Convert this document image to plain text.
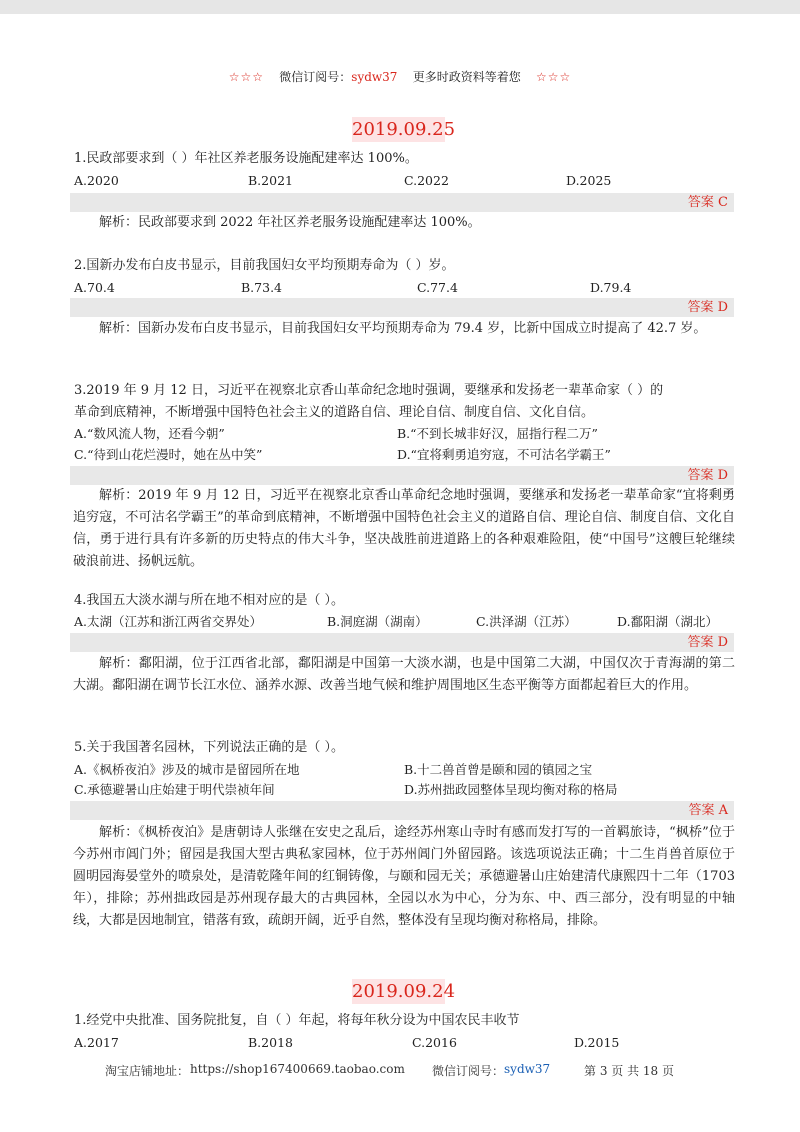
☆☆☆ 微信订阅号：sydw37 更多时政资料等着您 ☆☆☆
2019.09.25
1.民政部要求到（ ）年社区养老服务设施配建率达 100%。
A.2020	B.2021	C.2022	D.2025
答案 C

解析：民政部要求到 2022 年社区养老服务设施配建率达 100%。

2.国新办发布白皮书显示，目前我国妇女平均预期寿命为（ ）岁。
A.70.4	B.73.4	C.77.4	D.79.4
答案 D

解析：国新办发布白皮书显示，目前我国妇女平均预期寿命为 79.4 岁，比新中国成立时提高了 42.7 岁。

3.2019 年 9 月 12 日，习近平在视察北京香山革命纪念地时强调，要继承和发扬老一辈革命家（ ）的
革命到底精神，不断增强中国特色社会主义的道路自信、理论自信、制度自信、文化自信。
A.“数风流人物，还看今朝”	B.“不到长城非好汉，屈指行程二万”
C.“待到山花烂漫时，她在丛中笑”	D.“宜将剩勇追穷寇，不可沽名学霸王”
答案 D

解析：2019 年 9 月 12 日，习近平在视察北京香山革命纪念地时强调，要继承和发扬老一辈革命家“宜将剩勇追穷寇，不可沽名学霸王”的革命到底精神，不断增强中国特色社会主义的道路自信、理论自信、制度自信、文化自信，勇于进行具有许多新的历史特点的伟大斗争，坚决战胜前进道路上的各种艰难险阻，使“中国号”这艘巨轮继续破浪前进、扬帆远航。

4.我国五大淡水湖与所在地不相对应的是（ ）。
A.太湖（江苏和浙江两省交界处）	B.洞庭湖（湖南）	C.洪泽湖（江苏）	D.鄱阳湖（湖北）
答案 D

解析：鄱阳湖，位于江西省北部，鄱阳湖是中国第一大淡水湖，也是中国第二大湖，中国仅次于青海湖的第二大湖。鄱阳湖在调节长江水位、涵养水源、改善当地气候和维护周围地区生态平衡等方面都起着巨大的作用。

5.关于我国著名园林，下列说法正确的是（ ）。
A.《枫桥夜泊》涉及的城市是留园所在地	B.十二兽首曾是颐和园的镇园之宝
C.承德避暑山庄始建于明代崇祯年间	D.苏州拙政园整体呈现均衡对称的格局
答案 A

解析：《枫桥夜泊》是唐朝诗人张继在安史之乱后，途经苏州寒山寺时有感而发打写的一首羁旅诗，“枫桥”位于今苏州市阊门外；留园是我国大型古典私家园林，位于苏州阊门外留园路。该选项说法正确；十二生肖兽首原位于圆明园海晏堂外的喷泉处，是清乾隆年间的红铜铸像，与颐和园无关；承德避暑山庄始建清代康熙四十二年（1703 年），排除；苏州拙政园是苏州现存最大的古典园林，全园以水为中心，分为东、中、西三部分，没有明显的中轴线，大都是因地制宜，错落有致，疏朗开阔，近乎自然，整体没有呈现均衡对称格局，排除。

2019.09.24
1.经党中央批准、国务院批复，自（ ）年起，将每年秋分设为中国农民丰收节
A.2017	B.2018	C.2016	D.2015
淘宝店铺地址： https://shop167400669.taobao.com 微信订阅号： sydw37	第 3 页 共 18 页
